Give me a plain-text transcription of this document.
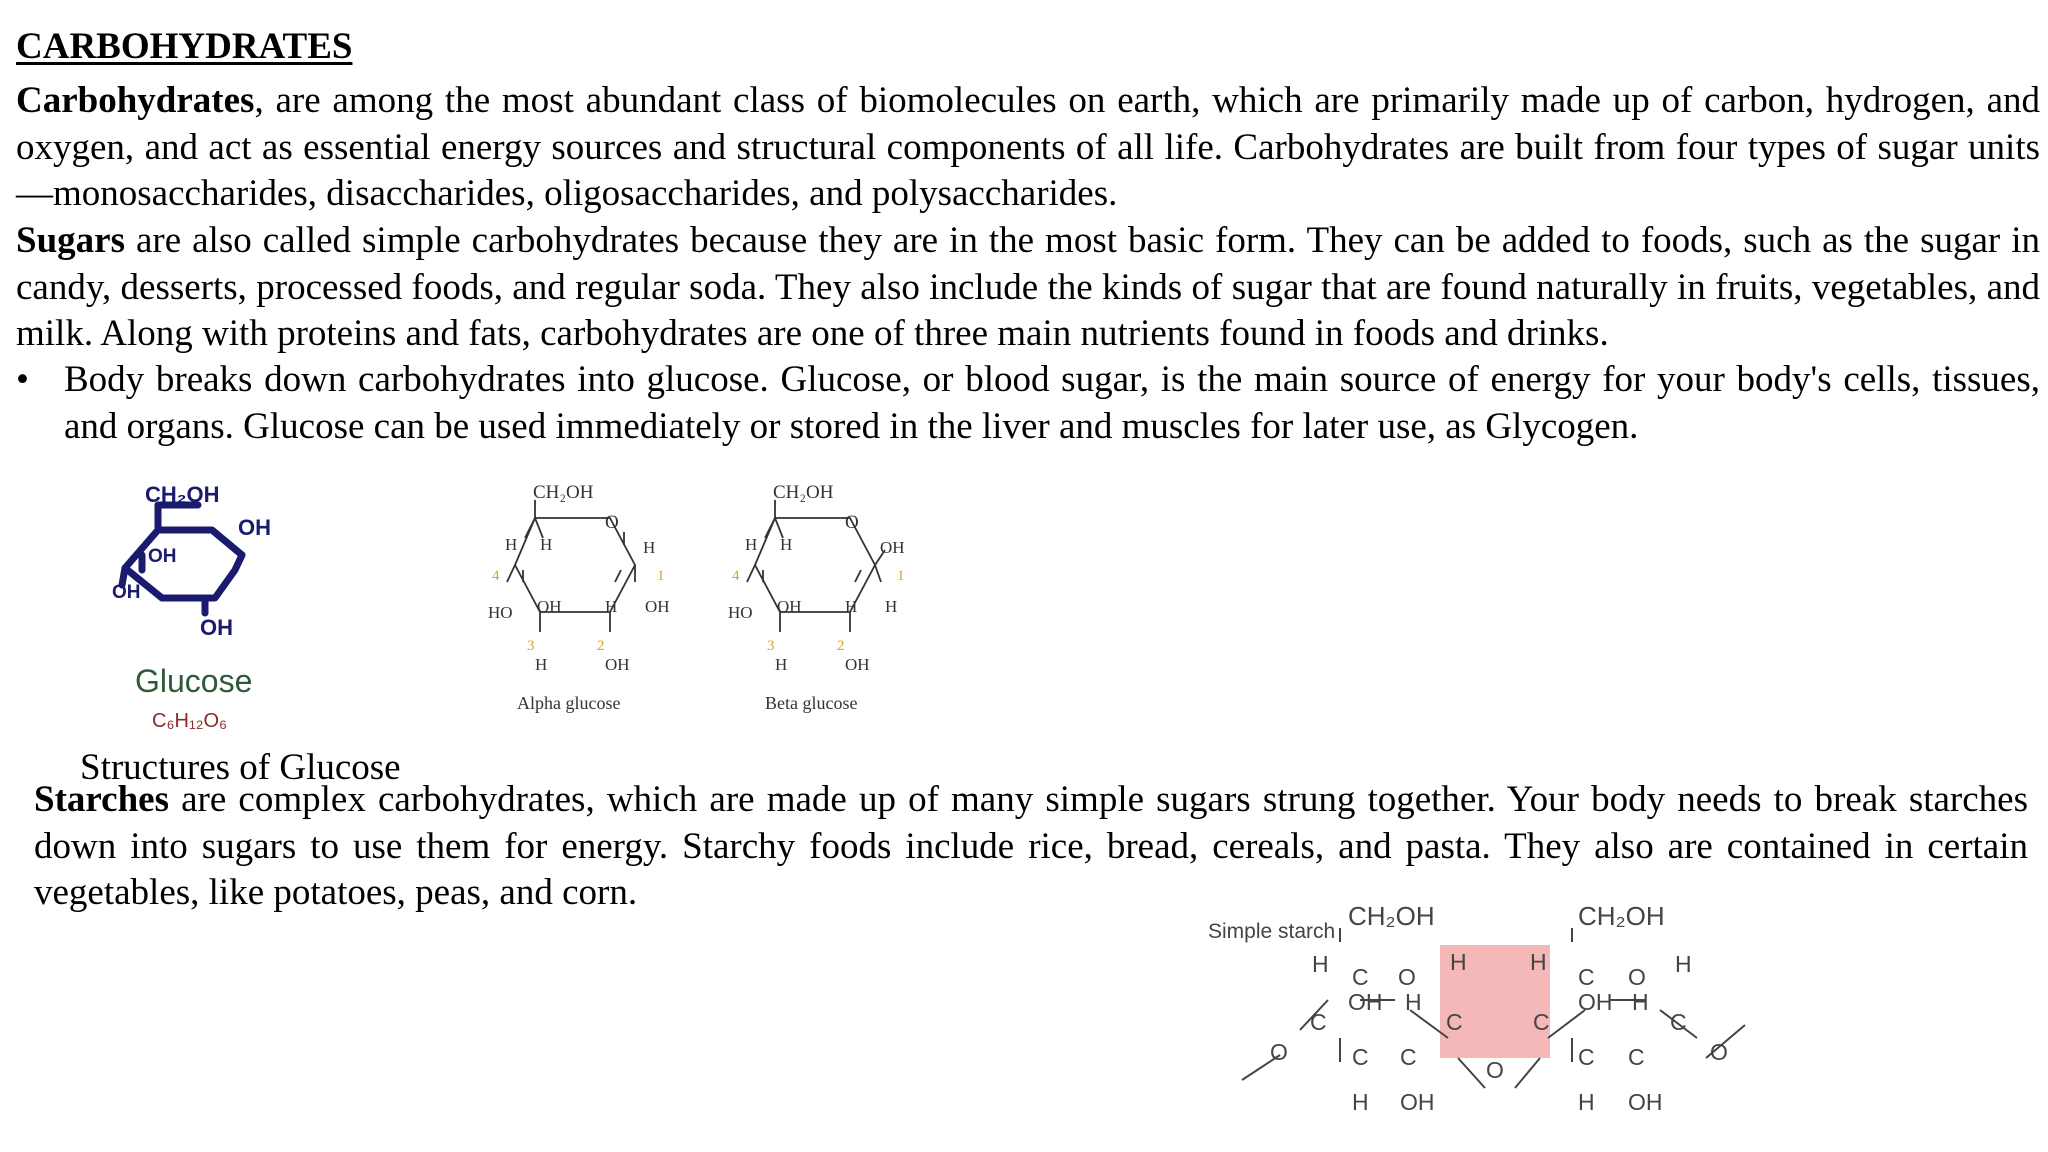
CARBOHYDRATES

Carbohydrates, are among the most abundant class of biomolecules on earth, which are primarily made up of carbon, hydrogen, and oxygen, and act as essential energy sources and structural components of all life. Carbohydrates are built from four types of sugar units—monosaccharides, disaccharides, oligosaccharides, and polysaccharides.

Sugars are also called simple carbohydrates because they are in the most basic form. They can be added to foods, such as the sugar in candy, desserts, processed foods, and regular soda. They also include the kinds of sugar that are found naturally in fruits, vegetables, and milk. Along with proteins and fats, carbohydrates are one of three main nutrients found in foods and drinks.

• Body breaks down carbohydrates into glucose. Glucose, or blood sugar, is the main source of energy for your body's cells, tissues, and organs. Glucose can be used immediately or stored in the liver and muscles for later use, as Glycogen.

CH₂OH
OH
OH
OH
OH
Glucose
C₆H₁₂O₆
CH₂OH
O
H H	H
1
4
HO OH	H OH
3	2
H	OH
Alpha glucose
CH₂OH
O
H H	OH
1
4
HO OH	H H
3	2
H	OH
Beta glucose

Structures of Glucose

Starches are complex carbohydrates, which are made up of many simple sugars strung together. Your body needs to break starches down into sugars to use them for energy. Starchy foods include rice, bread, cereals, and pasta. They also are contained in certain vegetables, like potatoes, peas, and corn.

Simple starch
CH₂OH	CH₂OH
H C O
H
OH H
C	C
O	C C	O
H OH
H
C O H
OH H
C	C
C C	O
H OH
